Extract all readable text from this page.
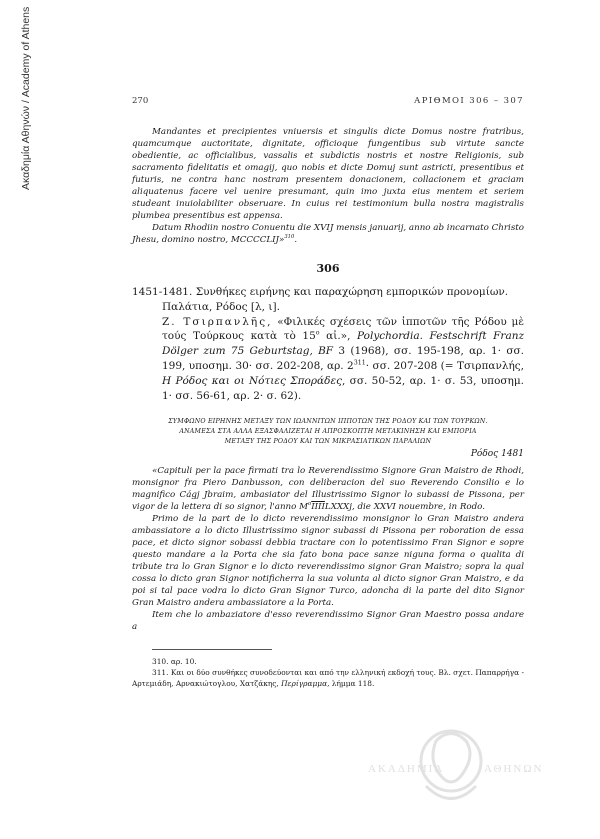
Ακαδημία Αθηνών / Academy of Athens	270	ΑΡΙΘΜΟΙ 306 – 307

Mandantes et precipientes vniuersis et singulis dicte Domus nostre fratribus, quamcumque auctoritate, dignitate, officioque fungentibus sub virtute sancte obedientie, ac officialibus, vassalis et subdictis nostris et nostre Religionis, sub sacramento fidelitatis et omagij, quo nobis et dicte Domuj sunt astricti, presentibus et futuris, ne contra hanc nostram presentem donacionem, collacionem et graciam aliquatenus facere vel uenire presumant, quin imo juxta eius mentem et seriem studeant inuiolabiliter obseruare. In cuius rei testimonium bulla nostra magistralis plumbea presentibus est appensa.

Datum Rhodiin nostro Conuentu die XVIJ mensis januarij, anno ab incarnato Christo Jhesu, domino nostro, MCCCCLIJ»$^{310}$.

306

1451-1481. Συνθήκες ειρήνης και παραχώρηση εμπορικών προνομίων. Παλάτια, Ρόδος [λ, ι].

Ζ. Τσιρπανλῆς, «Φιλικές σχέσεις τῶν ἱπποτῶν τῆς Ρόδου μὲ τούς Τούρκους κατὰ τὸ $15^o$ αἰ.», Polychordia. Festschrift Franz Dölger zum 75 Geburtstag, BF 3 (1968), σσ. 195-198, αρ. 1· σσ. 199, υποσημ. 30· σσ. 202-208, αρ. $2^{311}\cdot \sigma\sigma$. 207-208 (= Τσιρπανλής, Η Ρόδος και οι Νότιες Σποράδες, σσ. 50-52, αρ. 1· σ. 53, υποσημ. 1· σσ. 56-61, αρ. 2· σ. 62).

ΣΥΜΦΩΝΟ ΕΙΡΗΝΗΣ ΜΕΤΑΞΥ ΤΩΝ ΙΩΑΝΝΙΤΩΝ ΙΠΠΟΤΩΝ ΤΗΣ ΡΟΔΟΥ ΚΑΙ ΤΩΝ ΤΟΥΡΚΩΝ.
ΑΝΑΜΕΣΑ ΣΤΑ ΑΛΛΑ ΕΞΑΣΦΑΛΙΖΕΤΑΙ Η ΑΠΡΟΣΚΟΠΤΗ ΜΕΤΑΚΙΝΗΣΗ ΚΑΙ ΕΜΠΟΡΙΑ
ΜΕΤΑΞΥ ΤΗΣ ΡΟΔΟΥ ΚΑΙ ΤΩΝ ΜΙΚΡΑΣΙΑΤΙΚΩΝ ΠΑΡΑΛΙΩΝ
Ρόδος 1481

«Capituli per la pace firmati tra lo Reverendissimo Signore Gran Maistro de Rhodi, monsignor fra Piero Danbusson, con deliberacion del suo Reverendo Consilio e lo magnifico Cágj Jbraim, ambasiator del Illustrissimo Signor lo subassi de Pissona, per vigor de la lettera di so signor, l'anno $M^oIIIILXXXj$, die XXVI nouembre, in Rodo.

Primo de la part de lo dicto reverendissimo monsignor lo Gran Maistro andera ambassiatore a lo dicto Illustrissimo signor subassi di Pissona per roboration de essa pace, et dicto signor sobassi debbia tractare con lo potentissimo Fran Signor e sopre questo mandare a la Porta che sia fato bona pace sanze niguna forma o qualita di tribute tra lo Gran Signor e lo dicto reverendissimo signor Gran Maistro; sopra la qual cossa lo dicto gran Signor notificherra la sua volunta al dicto signor Gran Maistro, e da poi si tal pace vodra lo dicto Gran Signor Turco, adoncha di la parte del dito Signor Gran Maistro andera ambassiatore a la Porta.

Item che lo ambaziatore d'esso reverendissimo Signor Gran Maestro possa andare a

310. αρ. 10.

311. Και οι δύο συνθήκες συνοδεύονται και από την ελληνική εκδοχή τους. Βλ. σχετ. Παπαρρήγα - Αρτεμιάδη, Αρνακιώτογλου, Χατζάκης, Περίγραμμα, λήμμα 118.

ΑΚΑΔΗΜΙΑ	ΑΘΗΝΩΝ
